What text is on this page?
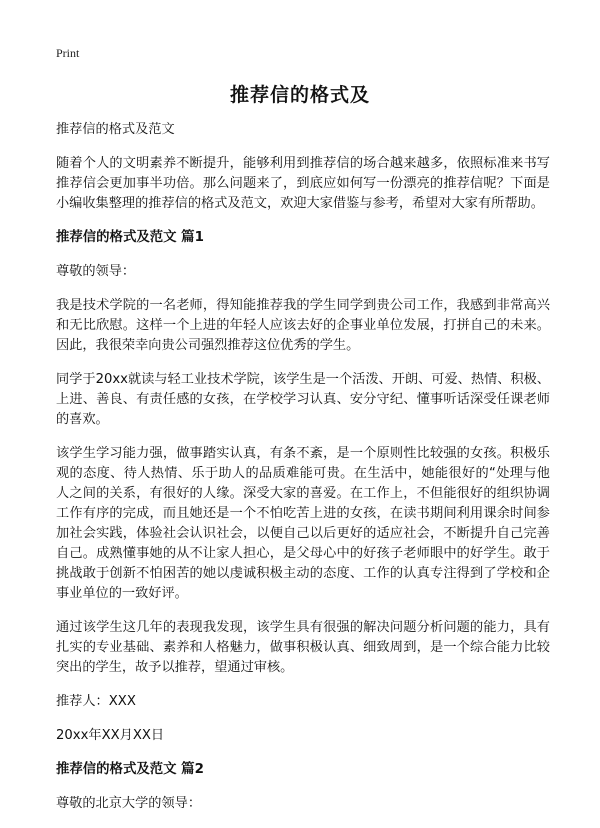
Print
推荐信的格式及

推荐信的格式及范文

随着个人的文明素养不断提升，能够利用到推荐信的场合越来越多，依照标准来书写推荐信会更加事半功倍。那么问题来了，到底应如何写一份漂亮的推荐信呢？下面是小编收集整理的推荐信的格式及范文，欢迎大家借鉴与参考，希望对大家有所帮助。

推荐信的格式及范文 篇1

尊敬的领导：

我是技术学院的一名老师，得知能推荐我的学生同学到贵公司工作，我感到非常高兴和无比欣慰。这样一个上进的年轻人应该去好的企事业单位发展，打拼自己的未来。因此，我很荣幸向贵公司强烈推荐这位优秀的学生。

同学于20xx就读与轻工业技术学院，该学生是一个活泼、开朗、可爱、热情、积极、上进、善良、有责任感的女孩，在学校学习认真、安分守纪、懂事听话深受任课老师的喜欢。

该学生学习能力强，做事踏实认真，有条不紊，是一个原则性比较强的女孩。积极乐观的态度、待人热情、乐于助人的品质难能可贵。在生活中，她能很好的“处理与他人之间的关系，有很好的人缘。深受大家的喜爱。在工作上，不但能很好的组织协调工作有序的完成，而且她还是一个不怕吃苦上进的女孩，在读书期间利用课余时间参加社会实践，体验社会认识社会，以便自己以后更好的适应社会，不断提升自己完善自己。成熟懂事她的从不让家人担心，是父母心中的好孩子老师眼中的好学生。敢于挑战敢于创新不怕困苦的她以虔诚积极主动的态度、工作的认真专注得到了学校和企事业单位的一致好评。

通过该学生这几年的表现我发现，该学生具有很强的解决问题分析问题的能力，具有扎实的专业基础、素养和人格魅力，做事积极认真、细致周到，是一个综合能力比较突出的学生，故予以推荐，望通过审核。

推荐人：XXX

20xx年XX月XX日

推荐信的格式及范文 篇2

尊敬的北京大学的领导：
